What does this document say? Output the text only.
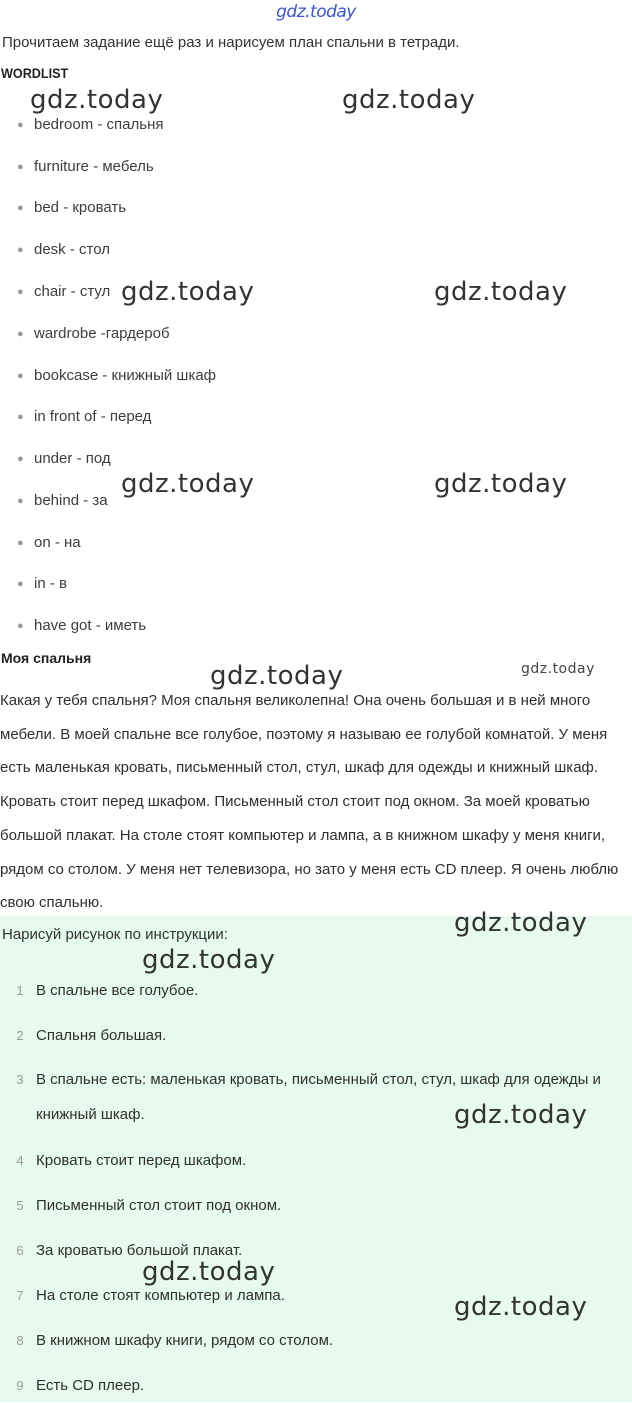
gdz.today
Прочитаем задание ещё раз и нарисуем план спальни в тетради.
WORDLIST
● bedroom - спальня
● furniture - мебель
● bed - кровать
● desk - стол
● chair - стул
● wardrobe -гардероб
● bookcase - книжный шкаф
● in front of - перед
● under - под
● behind - за
● on - на
● in - в
● have got - иметь
Моя спальня

Какая у тебя спальня? Моя спальня великолепна! Она очень большая и в ней много мебели. В моей спальне все голубое, поэтому я называю ее голубой комнатой. У меня есть маленькая кровать, письменный стол, стул, шкаф для одежды и книжный шкаф. Кровать стоит перед шкафом. Письменный стол стоит под окном. За моей кроватью большой плакат. На столе стоят компьютер и лампа, а в книжном шкафу у меня книги, рядом со столом. У меня нет телевизора, но зато у меня есть CD плеер. Я очень люблю свою спальню.

Нарисуй рисунок по инструкции:
1 В спальне все голубое.
2 Спальня большая.
3 В спальне есть: маленькая кровать, письменный стол, стул, шкаф для одежды и книжный шкаф.
4 Кровать стоит перед шкафом.
5 Письменный стол стоит под окном.
6 За кроватью большой плакат.
7 На столе стоят компьютер и лампа.
8 В книжном шкафу книги, рядом со столом.
9 Есть CD плеер.
gdz.today	gdz.today
gdz.today	gdz.today
gdz.today	gdz.today
gdz.today	gdz.today
gdz.today
gdz.today
gdz.today
gdz.today
gdz.today
